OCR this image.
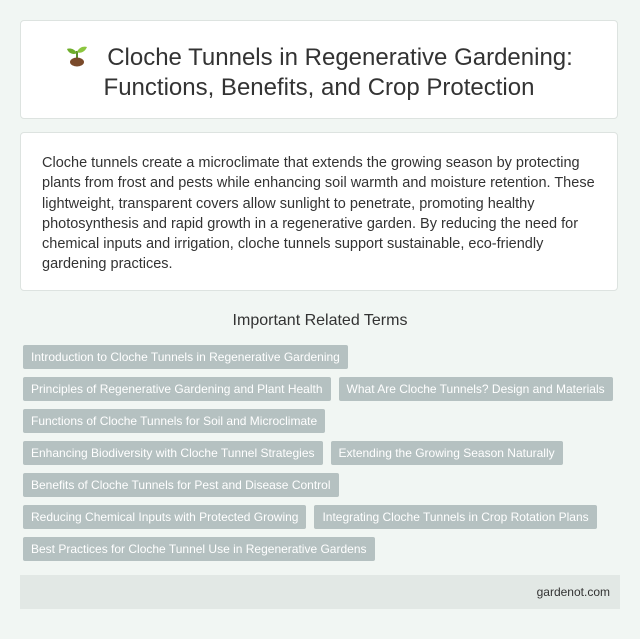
Cloche Tunnels in Regenerative Gardening:
Functions, Benefits, and Crop Protection

Cloche tunnels create a microclimate that extends the growing season by protecting plants from frost and pests while enhancing soil warmth and moisture retention. These lightweight, transparent covers allow sunlight to penetrate, promoting healthy photosynthesis and rapid growth in a regenerative garden. By reducing the need for chemical inputs and irrigation, cloche tunnels support sustainable, eco-friendly gardening practices.

Important Related Terms
Introduction to Cloche Tunnels in Regenerative Gardening
Principles of Regenerative Gardening and Plant Health	What Are Cloche Tunnels? Design and Materials
Functions of Cloche Tunnels for Soil and Microclimate
Enhancing Biodiversity with Cloche Tunnel Strategies	Extending the Growing Season Naturally
Benefits of Cloche Tunnels for Pest and Disease Control
Reducing Chemical Inputs with Protected Growing	Integrating Cloche Tunnels in Crop Rotation Plans
Best Practices for Cloche Tunnel Use in Regenerative Gardens
gardenot.com
